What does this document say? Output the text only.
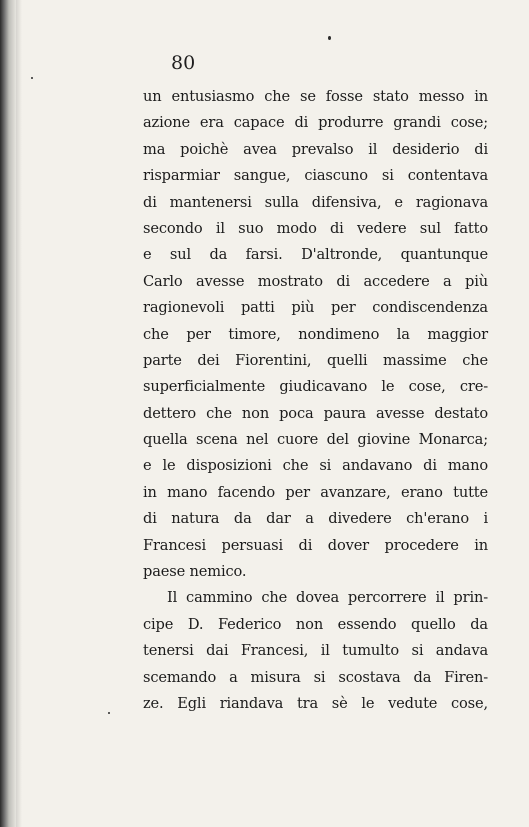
80
un entusiasmo che se fosse stato messo in
azione era capace di produrre grandi cose;
ma poichè avea prevalso il desiderio di
risparmiar sangue, ciascuno si contentava
di mantenersi sulla difensiva, e ragionava
secondo il suo modo di vedere sul fatto
e sul da farsi. D'altronde, quantunque
Carlo avesse mostrato di accedere a più
ragionevoli patti più per condiscendenza
che per timore, nondimeno la maggior
parte dei Fiorentini, quelli massime che
superficialmente giudicavano le cose, cre-
dettero che non poca paura avesse destato
quella scena nel cuore del giovine Monarca;
e le disposizioni che si andavano di mano
in mano facendo per avanzare, erano tutte
di natura da dar a divedere ch'erano i
Francesi persuasi di dover procedere in
paese nemico.
Il cammino che dovea percorrere il prin-
cipe D. Federico non essendo quello da
tenersi dai Francesi, il tumulto si andava
scemando a misura si scostava da Firen-
ze. Egli riandava tra sè le vedute cose,
